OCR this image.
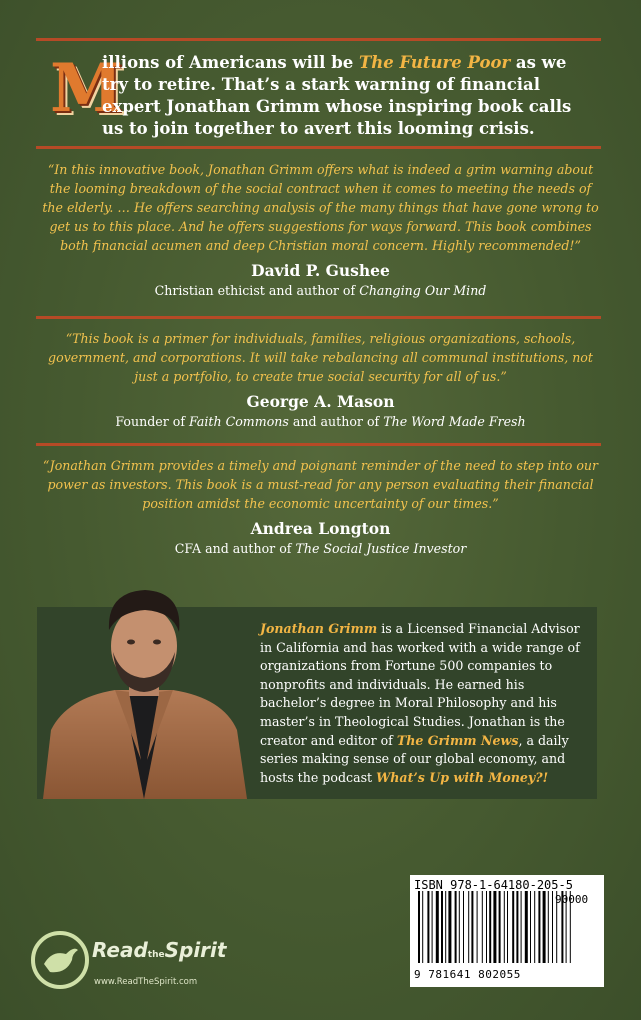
M
illions of Americans will be The Future Poor as we try to retire. That’s a stark warning of financial expert Jonathan Grimm whose inspiring book calls us to join together to avert this looming crisis.

“In this innovative book, Jonathan Grimm offers what is indeed a grim warning about the looming breakdown of the social contract when it comes to meeting the needs of the elderly. … He offers searching analysis of the many things that have gone wrong to get us to this place. And he offers suggestions for ways forward. This book combines both financial acumen and deep Christian moral concern. Highly recommended!”

David P. Gushee

Christian ethicist and author of Changing Our Mind

“This book is a primer for individuals, families, religious organizations, schools, government, and corporations. It will take rebalancing all communal institutions, not just a portfolio, to create true social security for all of us.”

George A. Mason

Founder of Faith Commons and author of The Word Made Fresh

“Jonathan Grimm provides a timely and poignant reminder of the need to step into our power as investors. This book is a must-read for any person evaluating their financial position amidst the economic uncertainty of our times.”

Andrea Longton

CFA and author of The Social Justice Investor

Jonathan Grimm is a Licensed Financial Advisor in California and has worked with a wide range of organizations from Fortune 500 companies to nonprofits and individuals. He earned his bachelor’s degree in Moral Philosophy and his master’s in Theological Studies. Jonathan is the creator and editor of The Grimm News, a daily series making sense of our global economy, and hosts the podcast What’s Up with Money?!
ISBN 978-1-64180-205-5
90000
9 781641 802055
ReadtheSpirit
www.ReadTheSpirit.com
